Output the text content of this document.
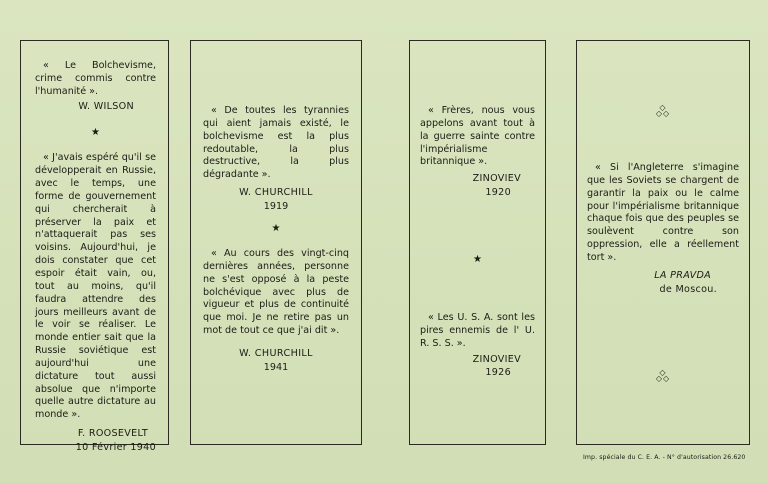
« Le Bolchevisme, crime commis contre l'humanité ».

W. WILSON

★

« J'avais espéré qu'il se développerait en Russie, avec le temps, une forme de gouvernement qui chercherait à préserver la paix et n'attaquerait pas ses voisins. Aujourd'hui, je dois constater que cet espoir était vain, ou, tout au moins, qu'il faudra attendre des jours meilleurs avant de le voir se réaliser. Le monde entier sait que la Russie soviétique est aujourd'hui une dictature tout aussi absolue que n'importe quelle autre dictature au monde ».

F. ROOSEVELT

10 Février 1940

« De toutes les tyrannies qui aient jamais existé, le bolchevisme est la plus redoutable, la plus destructive, la plus dégradante ».

W. CHURCHILL

1919

★

« Au cours des vingt-cinq dernières années, personne ne s'est opposé à la peste bolchévique avec plus de vigueur et plus de continuité que moi. Je ne retire pas un mot de tout ce que j'ai dit ».

W. CHURCHILL

1941

« Frères, nous vous appelons avant tout à la guerre sainte contre l'impérialisme britannique ».

ZINOVIEV

1920

★

« Les U. S. A. sont les pires ennemis de l' U. R. S. S. ».

ZINOVIEV

1926

◇
◇◇

« Si l'Angleterre s'imagine que les Soviets se chargent de garantir la paix ou le calme pour l'impérialisme britannique chaque fois que des peuples se soulèvent contre son oppression, elle a réellement tort ».

LA PRAVDA

de Moscou.

◇
◇◇
Imp. spéciale du C. E. A. - N° d'autorisation 26.620
